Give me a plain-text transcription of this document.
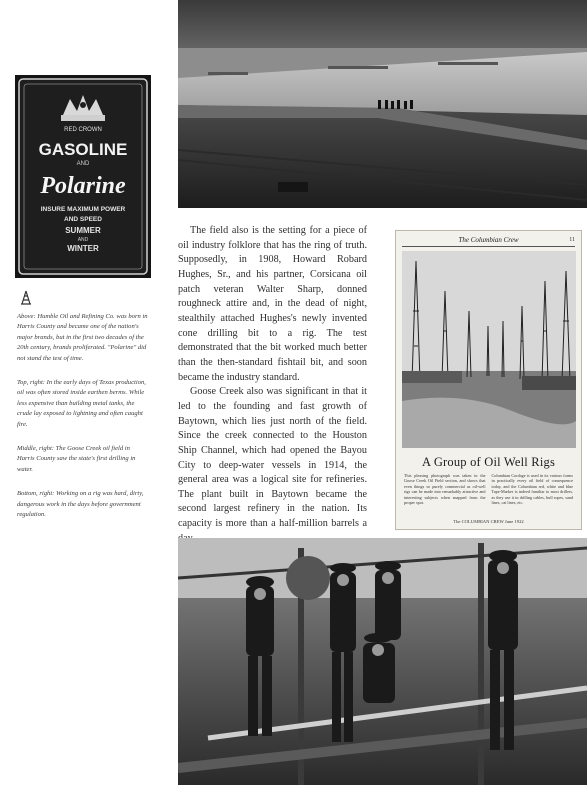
RED CROWN
GASOLINE
AND
Polarine
INSURE MAXIMUM POWER
AND SPEED
SUMMER
AND
WINTER

Above: Humble Oil and Refining Co. was born in Harris County and became one of the nation's major brands, but in the first two decades of the 20th century, brands proliferated. "Polarine" did not stand the test of time.

Top, right: In the early days of Texas production, oil was often stored inside earthen berms. While less expensive than building metal tanks, the crude lay exposed to lightning and often caught fire.

Middle, right: The Goose Creek oil field in Harris County saw the state's first drilling in water.

Bottom, right: Working on a rig was hard, dirty, dangerous work in the days before government regulation.

The field also is the setting for a piece of oil industry folklore that has the ring of truth. Supposedly, in 1908, Howard Robard Hughes, Sr., and his partner, Corsicana oil patch veteran Walter Sharp, donned roughneck attire and, in the dead of night, stealthily attached Hughes's newly invented cone drilling bit to a rig. The test demonstrated that the bit worked much better than the then-standard fishtail bit, and soon became the industry standard.

Goose Creek also was significant in that it led to the founding and fast growth of Baytown, which lies just north of the field. Since the creek connected to the Houston Ship Channel, which had opened the Bayou City to deep-water vessels in 1914, the general area was a logical site for refineries. The plant built in Baytown became the second largest refinery in the nation. Its capacity is more than a half-million barrels a

The Columbian Crew	11
A Group of Oil Well Rigs
This pleasing photograph was taken in the Goose Creek Oil Field section, and shows that even things so purely commercial as oil-well rigs can be made into remarkably attractive and interesting subjects when snapped from the proper spot.
Columbian Cordage is used in its various forms in practically every oil field of consequence today, and the Columbian red, white and blue Tape-Marker is indeed familiar to most drillers, as they use it in drilling cables, bull ropes, sand lines, cat lines, etc.
The COLUMBIAN CREW June 1922
